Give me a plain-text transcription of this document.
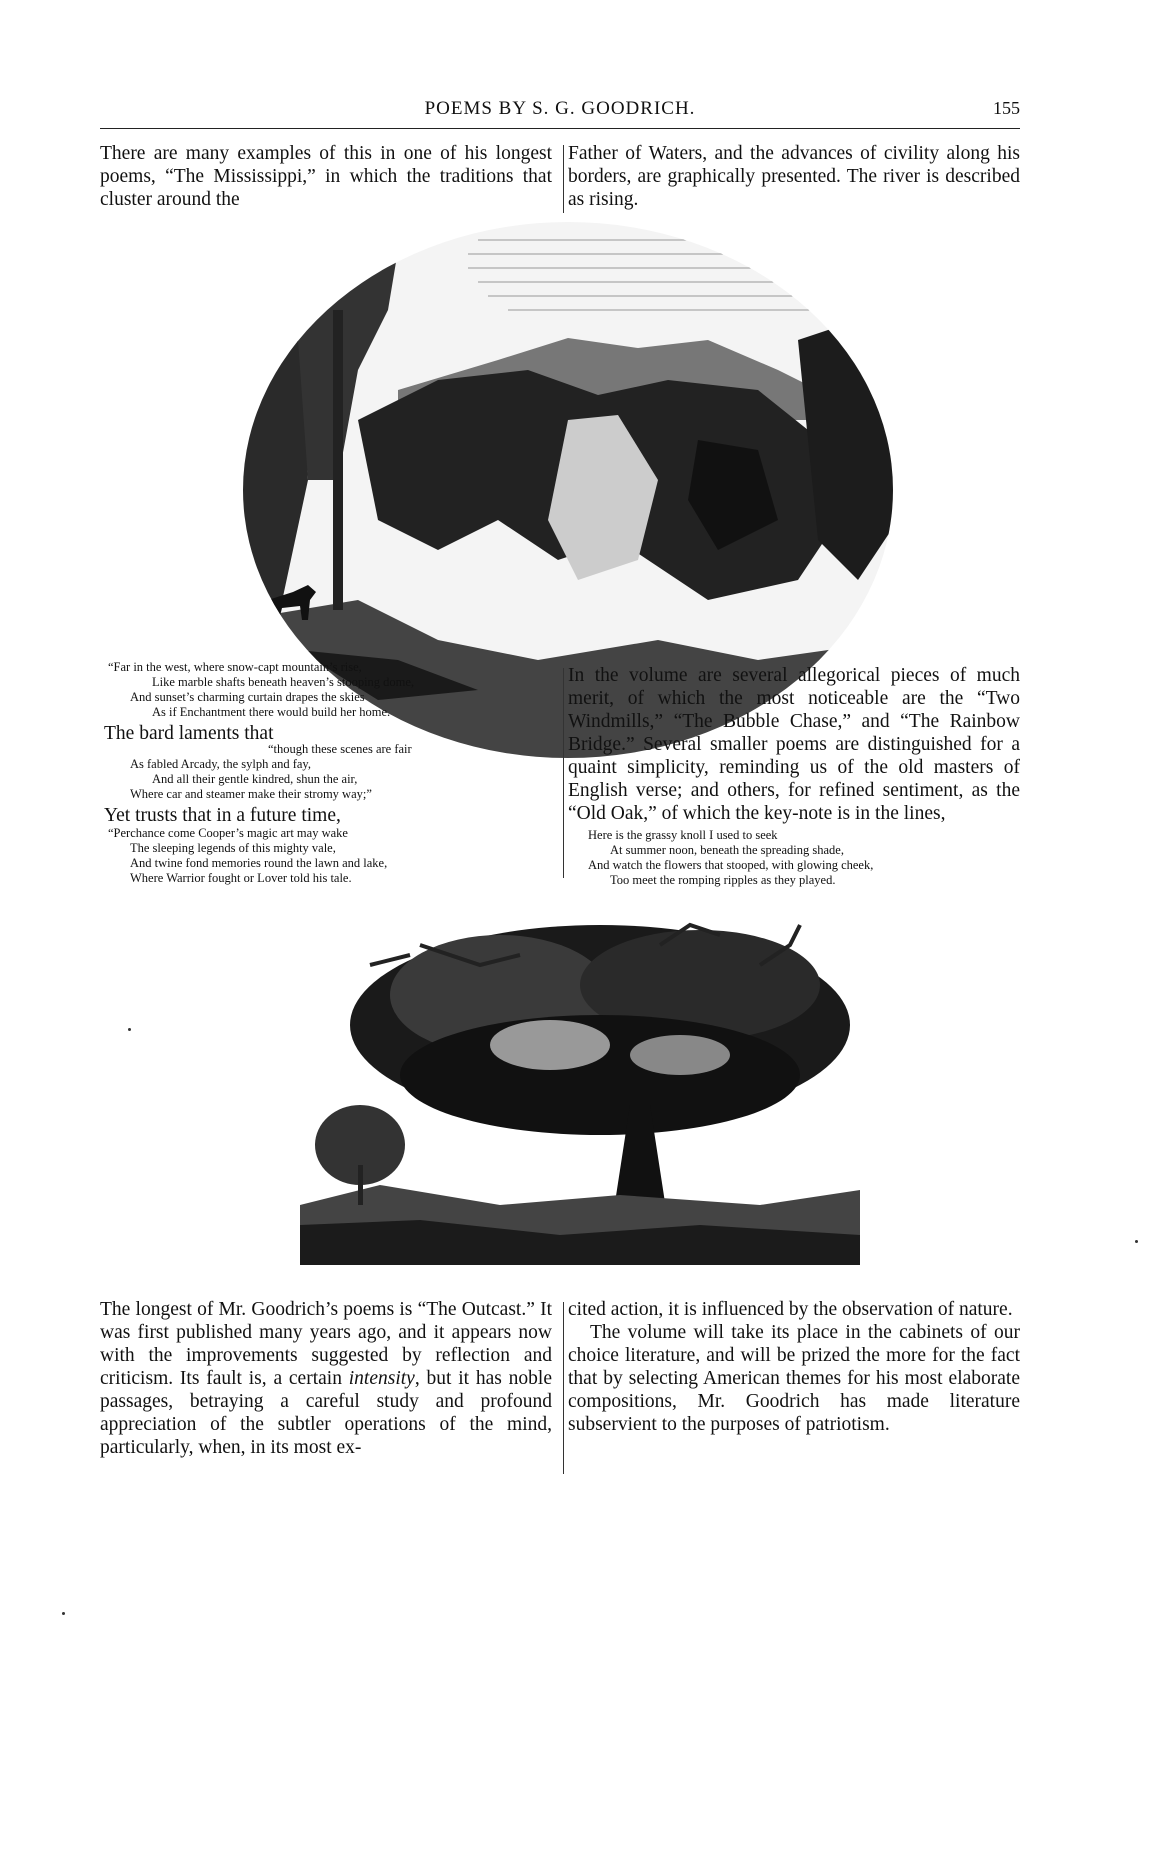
POEMS BY S. G. GOODRICH.	155
There are many examples of this in one of his longest poems, “The Mississippi,” in which the traditions that cluster around the
Father of Waters, and the advances of civility along his borders, are graphically presented. The river is described as rising.

“Far in the west, where snow-capt mountain’s rise,

Like marble shafts beneath heaven’s stooping dome,

And sunset’s charming curtain drapes the skies

As if Enchantment there would build her home.

The bard laments that

“though these scenes are fair

As fabled Arcady, the sylph and fay,

And all their gentle kindred, shun the air,

Where car and steamer make their stromy way;”

Yet trusts that in a future time,

“Perchance come Cooper’s magic art may wake

The sleeping legends of this mighty vale,

And twine fond memories round the lawn and lake,

Where Warrior fought or Lover told his tale.

In the volume are several allegorical pieces of much merit, of which the most noticeable are the “Two Windmills,” “The Bubble Chase,” and “The Rainbow Bridge.” Several smaller poems are distinguished for a quaint simplicity, reminding us of the old masters of English verse; and others, for refined sentiment, as the “Old Oak,” of which the key-note is in the lines,

Here is the grassy knoll I used to seek

At summer noon, beneath the spreading shade,

And watch the flowers that stooped, with glowing cheek,

Too meet the romping ripples as they played.

The longest of Mr. Goodrich’s poems is “The Outcast.” It was first published many years ago, and it appears now with the improvements suggested by reflection and criticism. Its fault is, a certain intensity, but it has noble passages, betraying a careful study and profound appreciation of the subtler operations of the mind, particularly, when, in its most ex-
cited action, it is influenced by the observation of nature.
The volume will take its place in the cabinets of our choice literature, and will be prized the more for the fact that by selecting American themes for his most elaborate compositions, Mr. Goodrich has made literature subservient to the purposes of patriotism.
